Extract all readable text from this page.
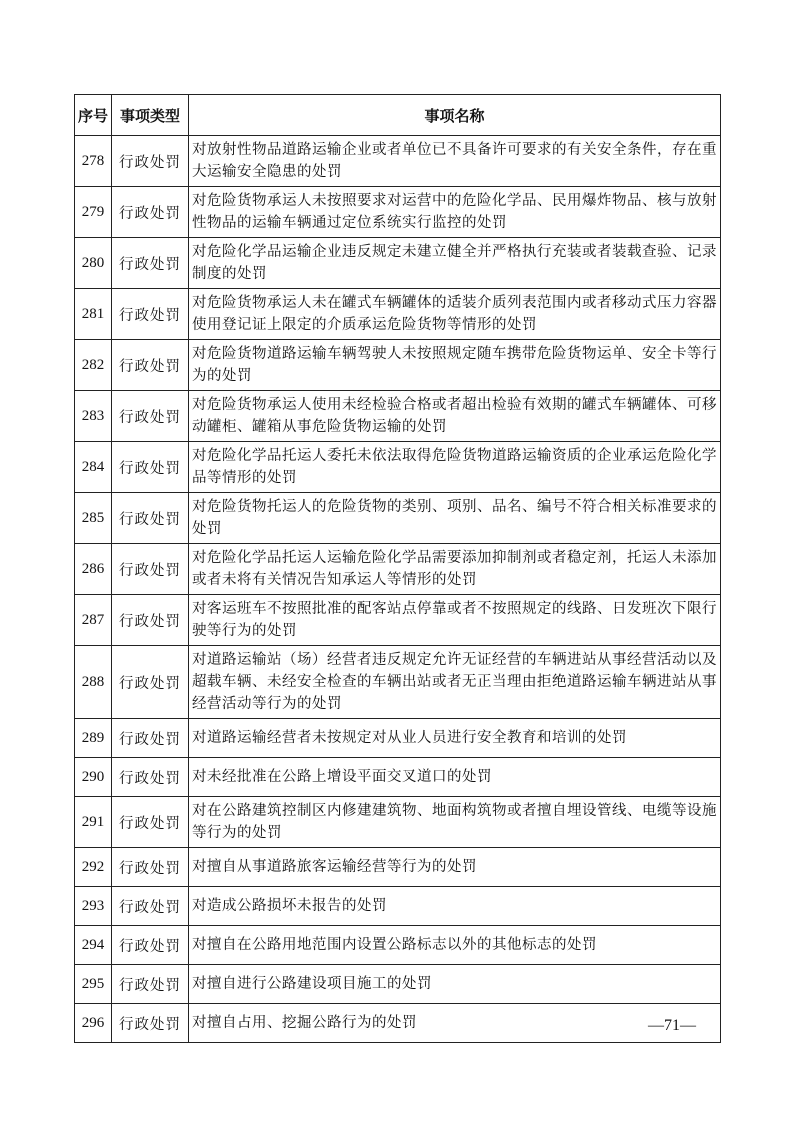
序号	事项类型	事项名称
278	行政处罚	对放射性物品道路运输企业或者单位已不具备许可要求的有关安全条件，存在重大运输安全隐患的处罚
279	行政处罚	对危险货物承运人未按照要求对运营中的危险化学品、民用爆炸物品、核与放射性物品的运输车辆通过定位系统实行监控的处罚
280	行政处罚	对危险化学品运输企业违反规定未建立健全并严格执行充装或者装载查验、记录制度的处罚
281	行政处罚	对危险货物承运人未在罐式车辆罐体的适装介质列表范围内或者移动式压力容器使用登记证上限定的介质承运危险货物等情形的处罚
282	行政处罚	对危险货物道路运输车辆驾驶人未按照规定随车携带危险货物运单、安全卡等行为的处罚
283	行政处罚	对危险货物承运人使用未经检验合格或者超出检验有效期的罐式车辆罐体、可移动罐柜、罐箱从事危险货物运输的处罚
284	行政处罚	对危险化学品托运人委托未依法取得危险货物道路运输资质的企业承运危险化学品等情形的处罚
285	行政处罚	对危险货物托运人的危险货物的类别、项别、品名、编号不符合相关标准要求的处罚
286	行政处罚	对危险化学品托运人运输危险化学品需要添加抑制剂或者稳定剂，托运人未添加或者未将有关情况告知承运人等情形的处罚
287	行政处罚	对客运班车不按照批准的配客站点停靠或者不按照规定的线路、日发班次下限行驶等行为的处罚
288	行政处罚	对道路运输站（场）经营者违反规定允许无证经营的车辆进站从事经营活动以及超载车辆、未经安全检查的车辆出站或者无正当理由拒绝道路运输车辆进站从事经营活动等行为的处罚
289	行政处罚	对道路运输经营者未按规定对从业人员进行安全教育和培训的处罚
290	行政处罚	对未经批准在公路上增设平面交叉道口的处罚
291	行政处罚	对在公路建筑控制区内修建建筑物、地面构筑物或者擅自埋设管线、电缆等设施等行为的处罚
292	行政处罚	对擅自从事道路旅客运输经营等行为的处罚
293	行政处罚	对造成公路损坏未报告的处罚
294	行政处罚	对擅自在公路用地范围内设置公路标志以外的其他标志的处罚
295	行政处罚	对擅自进行公路建设项目施工的处罚
296	行政处罚	对擅自占用、挖掘公路行为的处罚	—71—
